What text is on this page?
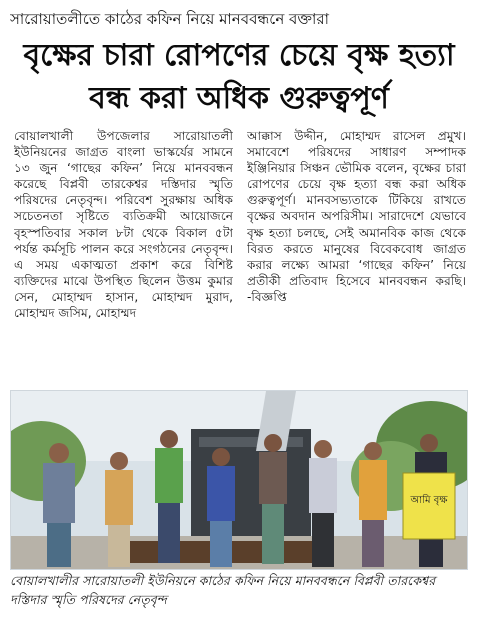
সারোয়াতলীতে কাঠের কফিন নিয়ে মানববন্ধনে বক্তারা
বৃক্ষের চারা রোপণের চেয়ে বৃক্ষ হত্যা বন্ধ করা অধিক গুরুত্বপূর্ণ

বোয়ালখালী উপজেলার সারোয়াতলী ইউনিয়নের জাগ্রত বাংলা ভাস্কর্যের সামনে ১৩ জুন ‘গাছের কফিন’ নিয়ে মানববন্ধন করেছে বিপ্লবী তারকেশ্বর দস্তিদার স্মৃতি পরিষদের নেতৃবৃন্দ। পরিবেশ সুরক্ষায় অধিক সচেতনতা সৃষ্টিতে ব্যতিক্রমী আয়োজনে বৃহস্পতিবার সকাল ৮টা থেকে বিকাল ৫টা পর্যন্ত কর্মসূচি পালন করে সংগঠনের নেতৃবৃন্দ। এ সময় একাত্মতা প্রকাশ করে বিশিষ্ট ব্যক্তিদের মাঝে উপস্থিত ছিলেন উত্তম কুমার সেন, মোহাম্মদ হাসান, মোহাম্মদ মুরাদ, মোহাম্মদ জসিম, মোহাম্মদ

আক্কাস উদ্দীন, মোহাম্মদ রাসেল প্রমুখ। সমাবেশে পরিষদের সাধারণ সম্পাদক ইঞ্জিনিয়ার সিঞ্চন ভৌমিক বলেন, বৃক্ষের চারা রোপণের চেয়ে বৃক্ষ হত্যা বন্ধ করা অধিক গুরুত্বপূর্ণ। মানবসভ্যতাকে টিকিয়ে রাখতে বৃক্ষের অবদান অপরিসীম। সারাদেশে যেভাবে বৃক্ষ হত্যা চলছে, সেই অমানবিক কাজ থেকে বিরত করতে মানুষের বিবেকবোধ জাগ্রত করার লক্ষ্যে আমরা ‘গাছের কফিন’ নিয়ে প্রতীকী প্রতিবাদ হিসেবে মানববন্ধন করছি। -বিজ্ঞপ্তি

আমি বৃক্ষ
বোয়ালখালীর সারোয়াতলী ইউনিয়নে কাঠের কফিন নিয়ে মানববন্ধনে বিপ্লবী তারকেশ্বর দস্তিদার স্মৃতি পরিষদের নেতৃবৃন্দ
